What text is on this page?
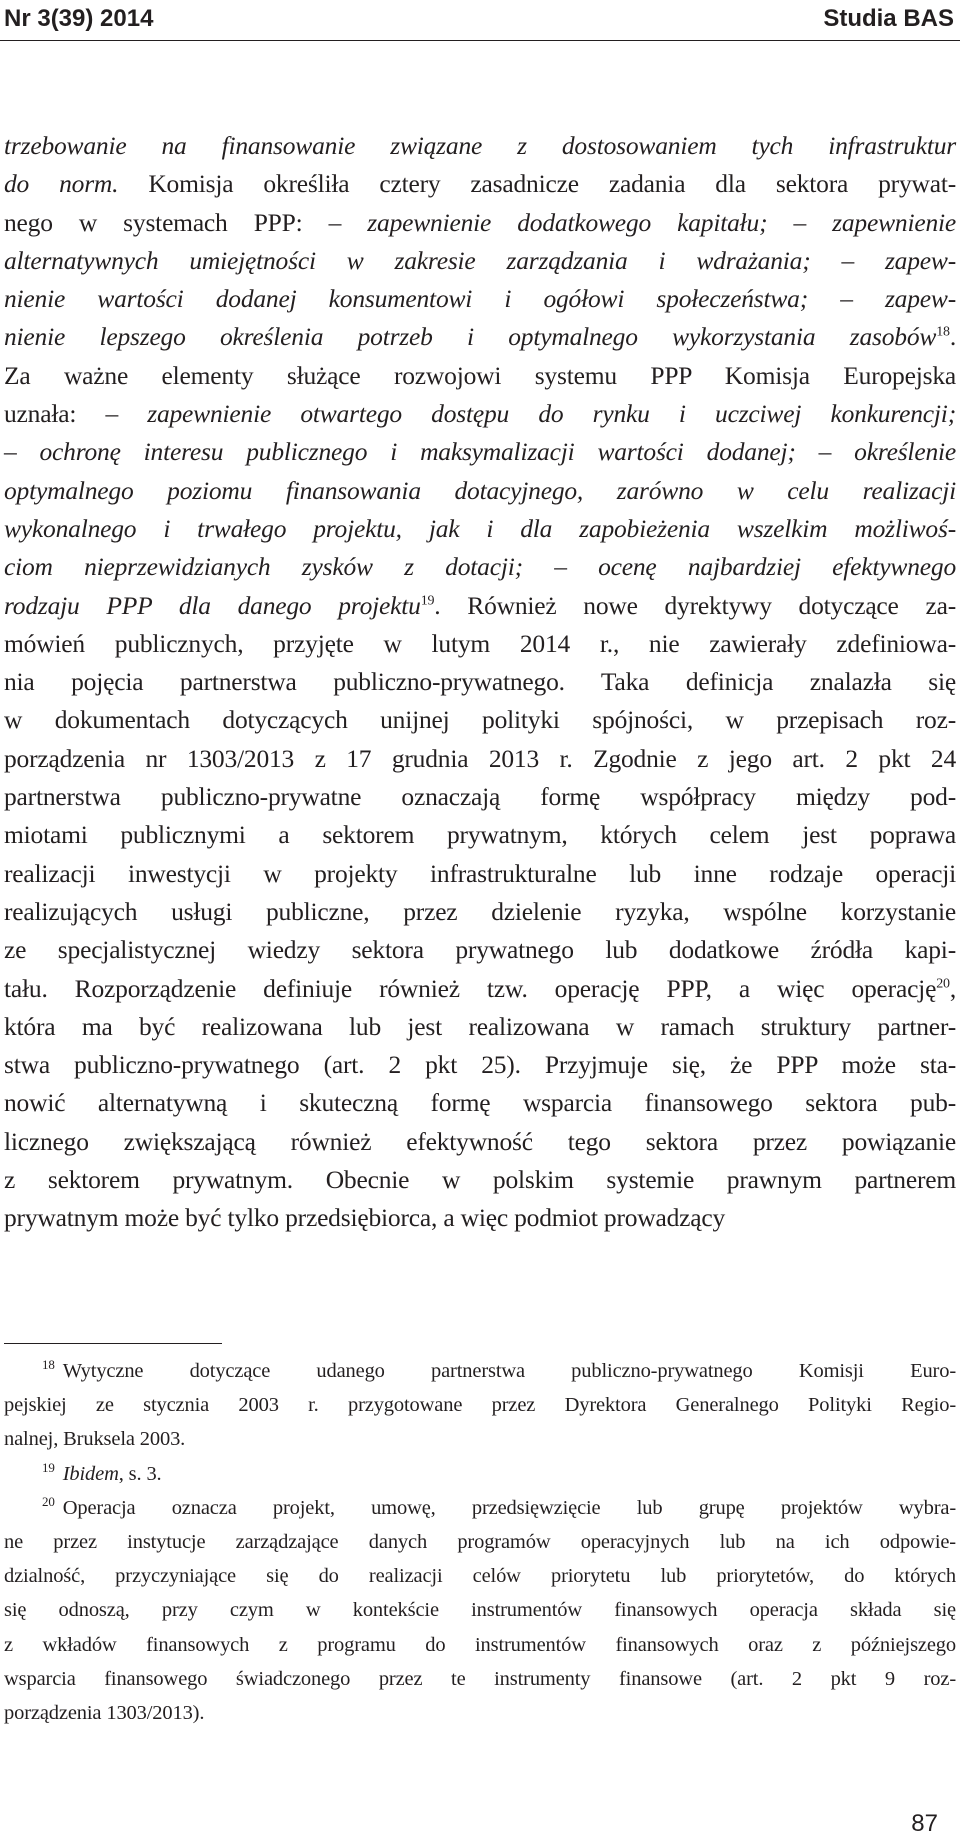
Nr 3(39) 2014	Studia BAS
trzebowanie na finansowanie związane z dostosowaniem tych infrastruktur
do norm. Komisja określiła cztery zasadnicze zadania dla sektora prywat-
nego w systemach PPP: – zapewnienie dodatkowego kapitału; – zapewnienie
alternatywnych umiejętności w zakresie zarządzania i wdrażania; – zapew-
nienie wartości dodanej konsumentowi i ogółowi społeczeństwa; – zapew-
nienie lepszego określenia potrzeb i optymalnego wykorzystania zasobów$^{18}$.
Za ważne elementy służące rozwojowi systemu PPP Komisja Europejska
uznała: – zapewnienie otwartego dostępu do rynku i uczciwej konkurencji;
– ochronę interesu publicznego i maksymalizacji wartości dodanej; – określenie
optymalnego poziomu finansowania dotacyjnego, zarówno w celu realizacji
wykonalnego i trwałego projektu, jak i dla zapobieżenia wszelkim możliwoś-
ciom nieprzewidzianych zysków z dotacji; – ocenę najbardziej efektywnego
rodzaju PPP dla danego projektu$^{19}$. Również nowe dyrektywy dotyczące za-
mówień publicznych, przyjęte w lutym 2014 r., nie zawierały zdefiniowa-
nia pojęcia partnerstwa publiczno-prywatnego. Taka definicja znalazła się
w dokumentach dotyczących unijnej polityki spójności, w przepisach roz-
porządzenia nr 1303/2013 z 17 grudnia 2013 r. Zgodnie z jego art. 2 pkt 24
partnerstwa publiczno-prywatne oznaczają formę współpracy między pod-
miotami publicznymi a sektorem prywatnym, których celem jest poprawa
realizacji inwestycji w projekty infrastrukturalne lub inne rodzaje operacji
realizujących usługi publiczne, przez dzielenie ryzyka, wspólne korzystanie
ze specjalistycznej wiedzy sektora prywatnego lub dodatkowe źródła kapi-
tału. Rozporządzenie definiuje również tzw. operację PPP, a więc operację$^{20}$,
która ma być realizowana lub jest realizowana w ramach struktury partner-
stwa publiczno-prywatnego (art. 2 pkt 25). Przyjmuje się, że PPP może sta-
nowić alternatywną i skuteczną formę wsparcia finansowego sektora pub-
licznego zwiększającą również efektywność tego sektora przez powiązanie
z sektorem prywatnym. Obecnie w polskim systemie prawnym partnerem
prywatnym może być tylko przedsiębiorca, a więc podmiot prowadzący
$^{18}$ Wytyczne dotyczące udanego partnerstwa publiczno-prywatnego Komisji Euro-
pejskiej ze stycznia 2003 r. przygotowane przez Dyrektora Generalnego Polityki Regio-
nalnej, Bruksela 2003.
$^{19}$ Ibidem, s. 3.
$^{20}$ Operacja oznacza projekt, umowę, przedsięwzięcie lub grupę projektów wybra-
ne przez instytucje zarządzające danych programów operacyjnych lub na ich odpowie-
dzialność, przyczyniające się do realizacji celów priorytetu lub priorytetów, do których
się odnoszą, przy czym w kontekście instrumentów finansowych operacja składa się
z wkładów finansowych z programu do instrumentów finansowych oraz z późniejszego
wsparcia finansowego świadczonego przez te instrumenty finansowe (art. 2 pkt 9 roz-
porządzenia 1303/2013).
87
